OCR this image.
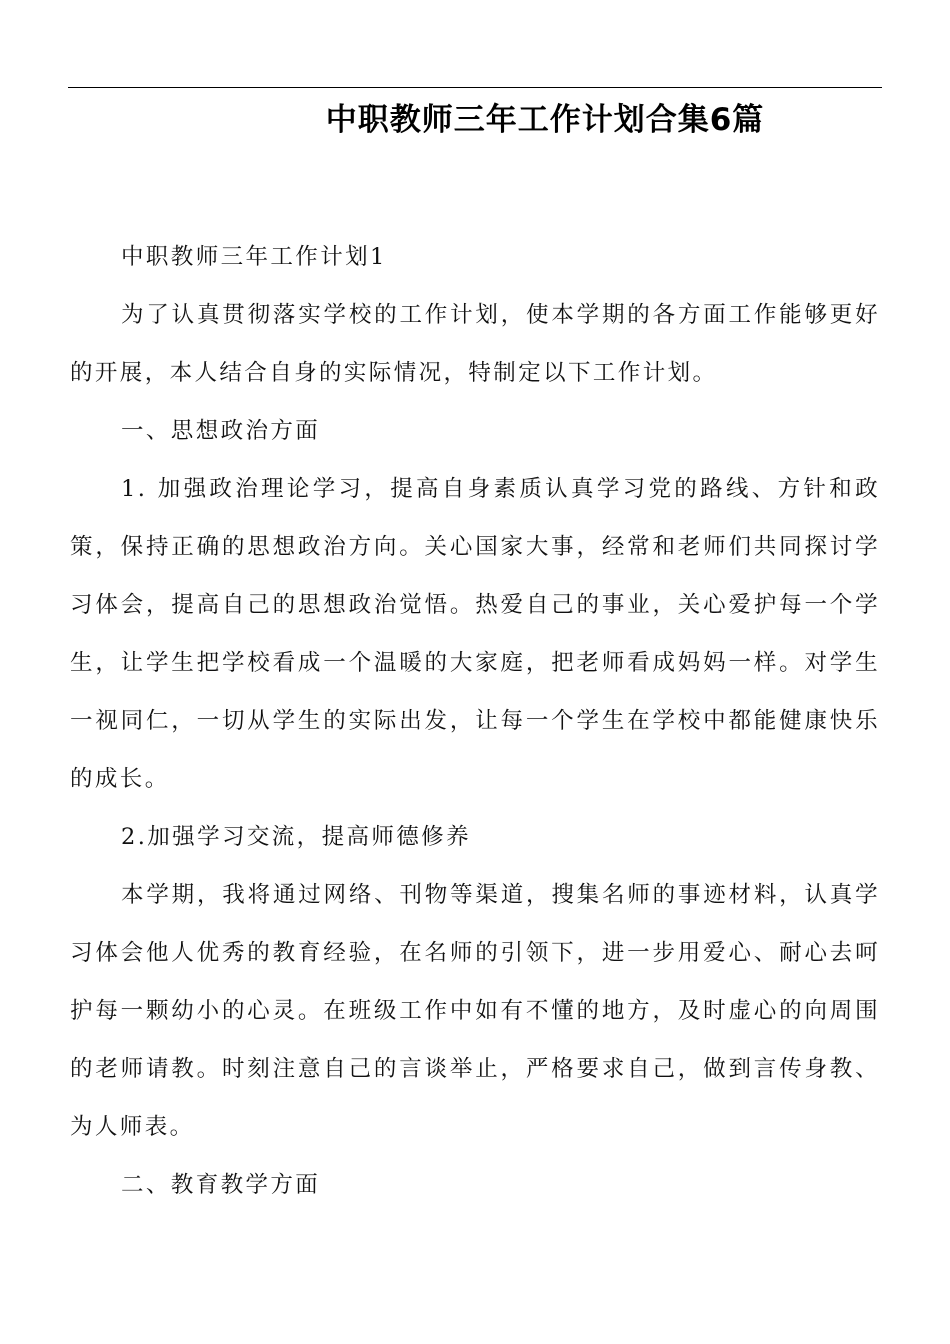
中职教师三年工作计划合集6篇

中职教师三年工作计划1

为了认真贯彻落实学校的工作计划，使本学期的各方面工作能够更好的开展，本人结合自身的实际情况，特制定以下工作计划。

一、思想政治方面

1. 加强政治理论学习，提高自身素质认真学习党的路线、方针和政策，保持正确的思想政治方向。关心国家大事，经常和老师们共同探讨学习体会，提高自己的思想政治觉悟。热爱自己的事业，关心爱护每一个学生，让学生把学校看成一个温暖的大家庭，把老师看成妈妈一样。对学生一视同仁，一切从学生的实际出发，让每一个学生在学校中都能健康快乐的成长。

2.加强学习交流，提高师德修养

本学期，我将通过网络、刊物等渠道，搜集名师的事迹材料，认真学习体会他人优秀的教育经验，在名师的引领下，进一步用爱心、耐心去呵护每一颗幼小的心灵。在班级工作中如有不懂的地方，及时虚心的向周围的老师请教。时刻注意自己的言谈举止，严格要求自己，做到言传身教、为人师表。

二、教育教学方面
